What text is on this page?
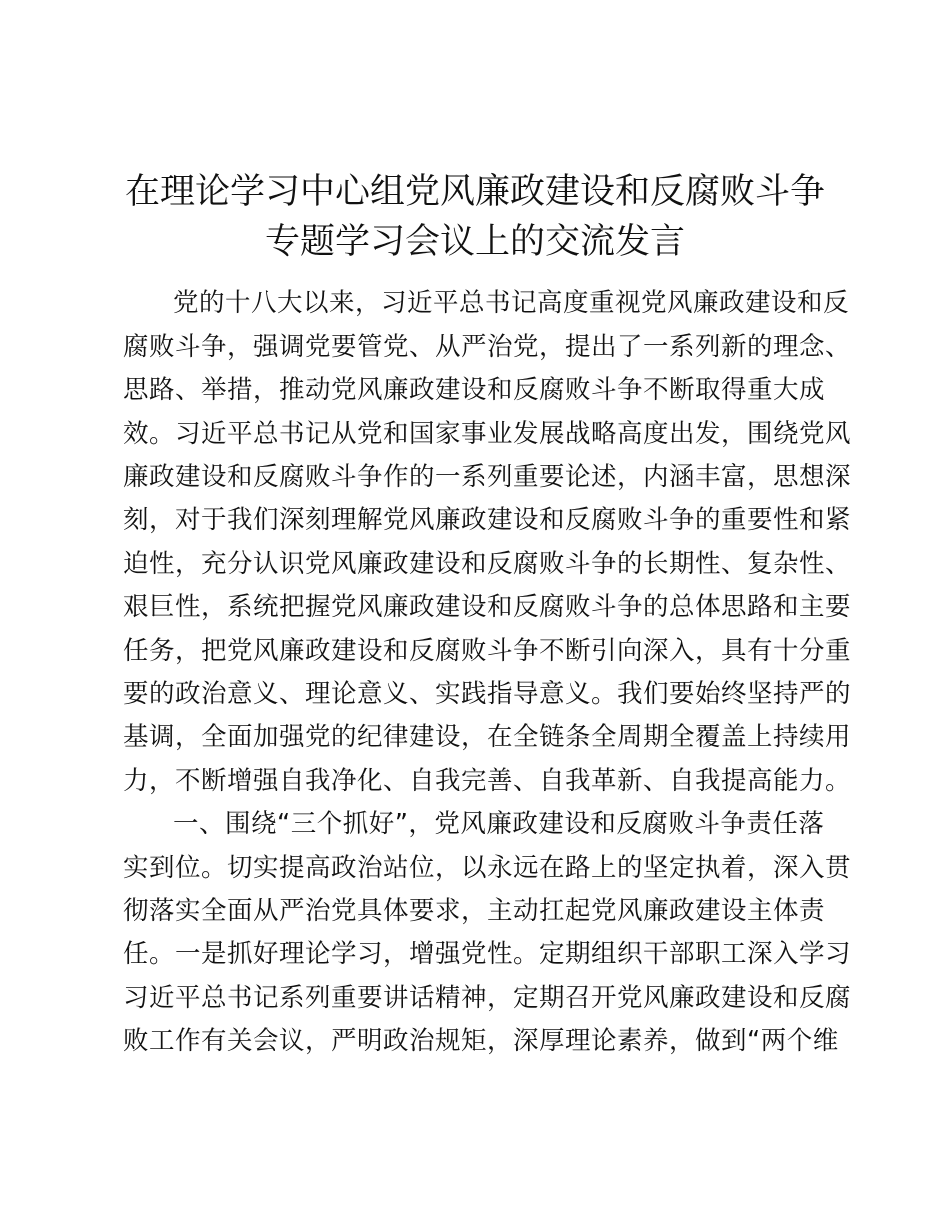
在理论学习中心组党风廉政建设和反腐败斗争
专题学习会议上的交流发言
党的十八大以来，习近平总书记高度重视党风廉政建设和反
腐败斗争，强调党要管党、从严治党，提出了一系列新的理念、
思路、举措，推动党风廉政建设和反腐败斗争不断取得重大成
效。习近平总书记从党和国家事业发展战略高度出发，围绕党风
廉政建设和反腐败斗争作的一系列重要论述，内涵丰富，思想深
刻，对于我们深刻理解党风廉政建设和反腐败斗争的重要性和紧
迫性，充分认识党风廉政建设和反腐败斗争的长期性、复杂性、
艰巨性，系统把握党风廉政建设和反腐败斗争的总体思路和主要
任务，把党风廉政建设和反腐败斗争不断引向深入，具有十分重
要的政治意义、理论意义、实践指导意义。我们要始终坚持严的
基调，全面加强党的纪律建设，在全链条全周期全覆盖上持续用
力，不断增强自我净化、自我完善、自我革新、自我提高能力。
一、围绕“三个抓好”，党风廉政建设和反腐败斗争责任落
实到位。切实提高政治站位，以永远在路上的坚定执着，深入贯
彻落实全面从严治党具体要求，主动扛起党风廉政建设主体责
任。一是抓好理论学习，增强党性。定期组织干部职工深入学习
习近平总书记系列重要讲话精神，定期召开党风廉政建设和反腐
败工作有关会议，严明政治规矩，深厚理论素养，做到“两个维
